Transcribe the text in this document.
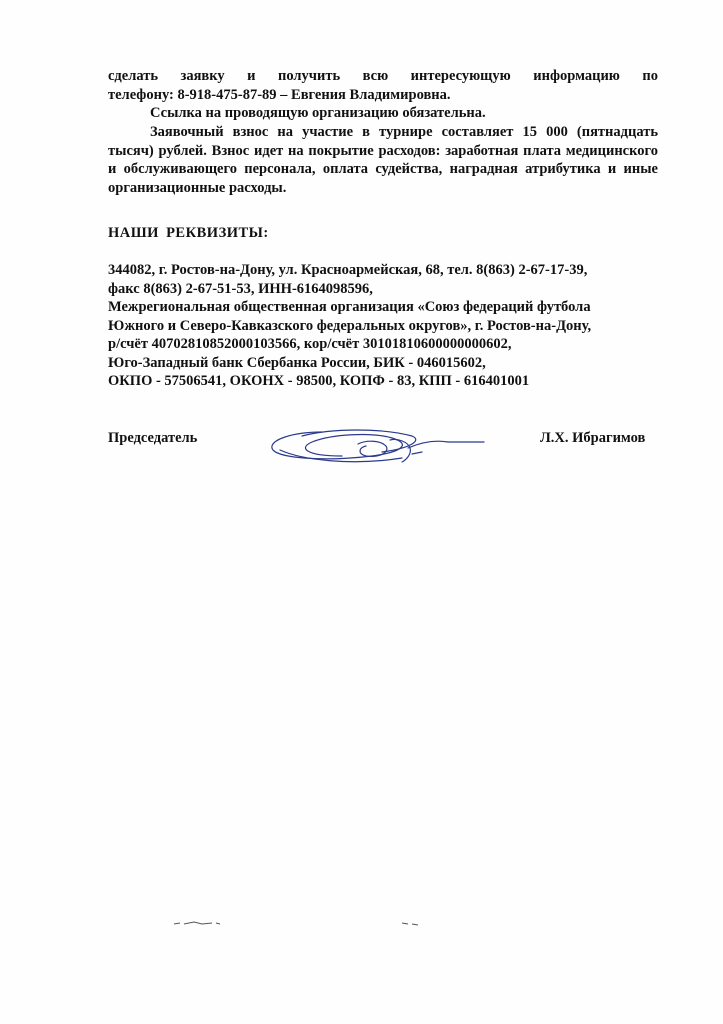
сделать заявку и получить всю интересующую информацию по

телефону: 8-918-475-87-89 – Евгения Владимировна.

Ссылка на проводящую организацию обязательна.

Заявочный взнос на участие в турнире составляет 15 000 (пятнадцать тысяч) рублей. Взнос идет на покрытие расходов: заработная плата медицинского и обслуживающего персонала, оплата судейства, наградная атрибутика и иные организационные расходы.

НАШИ РЕКВИЗИТЫ:

344082, г. Ростов-на-Дону, ул. Красноармейская, 68, тел. 8(863) 2-67-17-39,

факс 8(863) 2-67-51-53, ИНН-6164098596,

Межрегиональная общественная организация «Союз федераций футбола

Южного и Северо-Кавказского федеральных округов», г. Ростов-на-Дону,

р/счёт 40702810852000103566, кор/счёт 30101810600000000602,

Юго-Западный банк Сбербанка России, БИК - 046015602,

ОКПО - 57506541, ОКОНХ - 98500, КОПФ - 83, КПП - 616401001

Председатель	Л.Х. Ибрагимов
